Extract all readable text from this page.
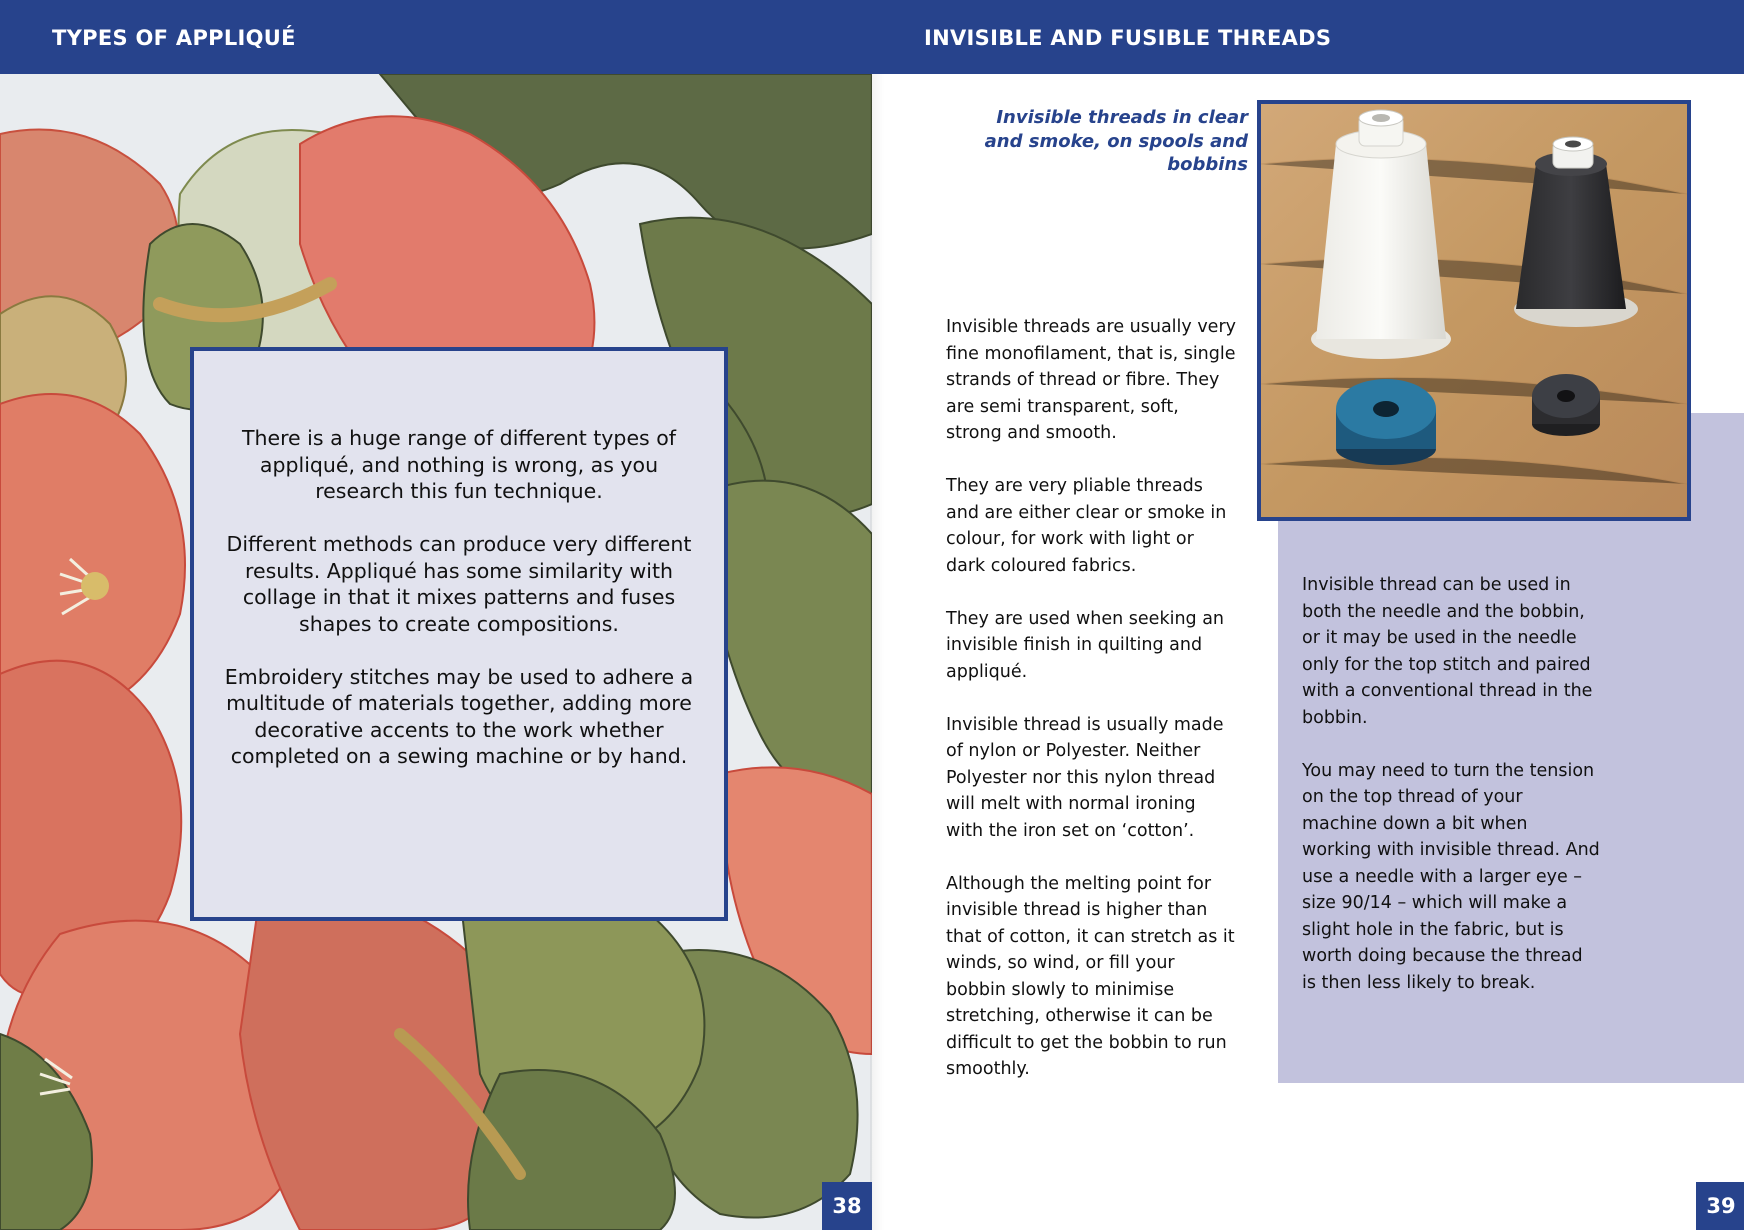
TYPES OF APPLIQUÉ	INVISIBLE AND FUSIBLE THREADS

There is a huge range of different types of appliqué, and nothing is wrong, as you research this fun technique.

Different methods can produce very different results. Appliqué has some similarity with collage in that it mixes patterns and fuses shapes to create compositions.

Embroidery stitches may be used to adhere a multitude of materials together, adding more decorative accents to the work whether completed on a sewing machine or by hand.

38
Invisible threads in clear and smoke, on spools and bobbins

Invisible threads are usually very fine monofilament, that is, single strands of thread or fibre. They are semi transparent, soft, strong and smooth.

They are very pliable threads and are either clear or smoke in colour, for work with light or dark coloured fabrics.

They are used when seeking an invisible finish in quilting and appliqué.

Invisible thread is usually made of nylon or Polyester. Neither Polyester nor this nylon thread will melt with normal ironing with the iron set on ‘cotton’.

Although the melting point for invisible thread is higher than that of cotton, it can stretch as it winds, so wind, or fill your bobbin slowly to minimise stretching, otherwise it can be difficult to get the bobbin to run smoothly.

Invisible thread can be used in both the needle and the bobbin, or it may be used in the needle only for the top stitch and paired with a conventional thread in the bobbin.

You may need to turn the tension on the top thread of your machine down a bit when working with invisible thread. And use a needle with a larger eye – size 90/14 – which will make a slight hole in the fabric, but is worth doing because the thread is then less likely to break.

39
